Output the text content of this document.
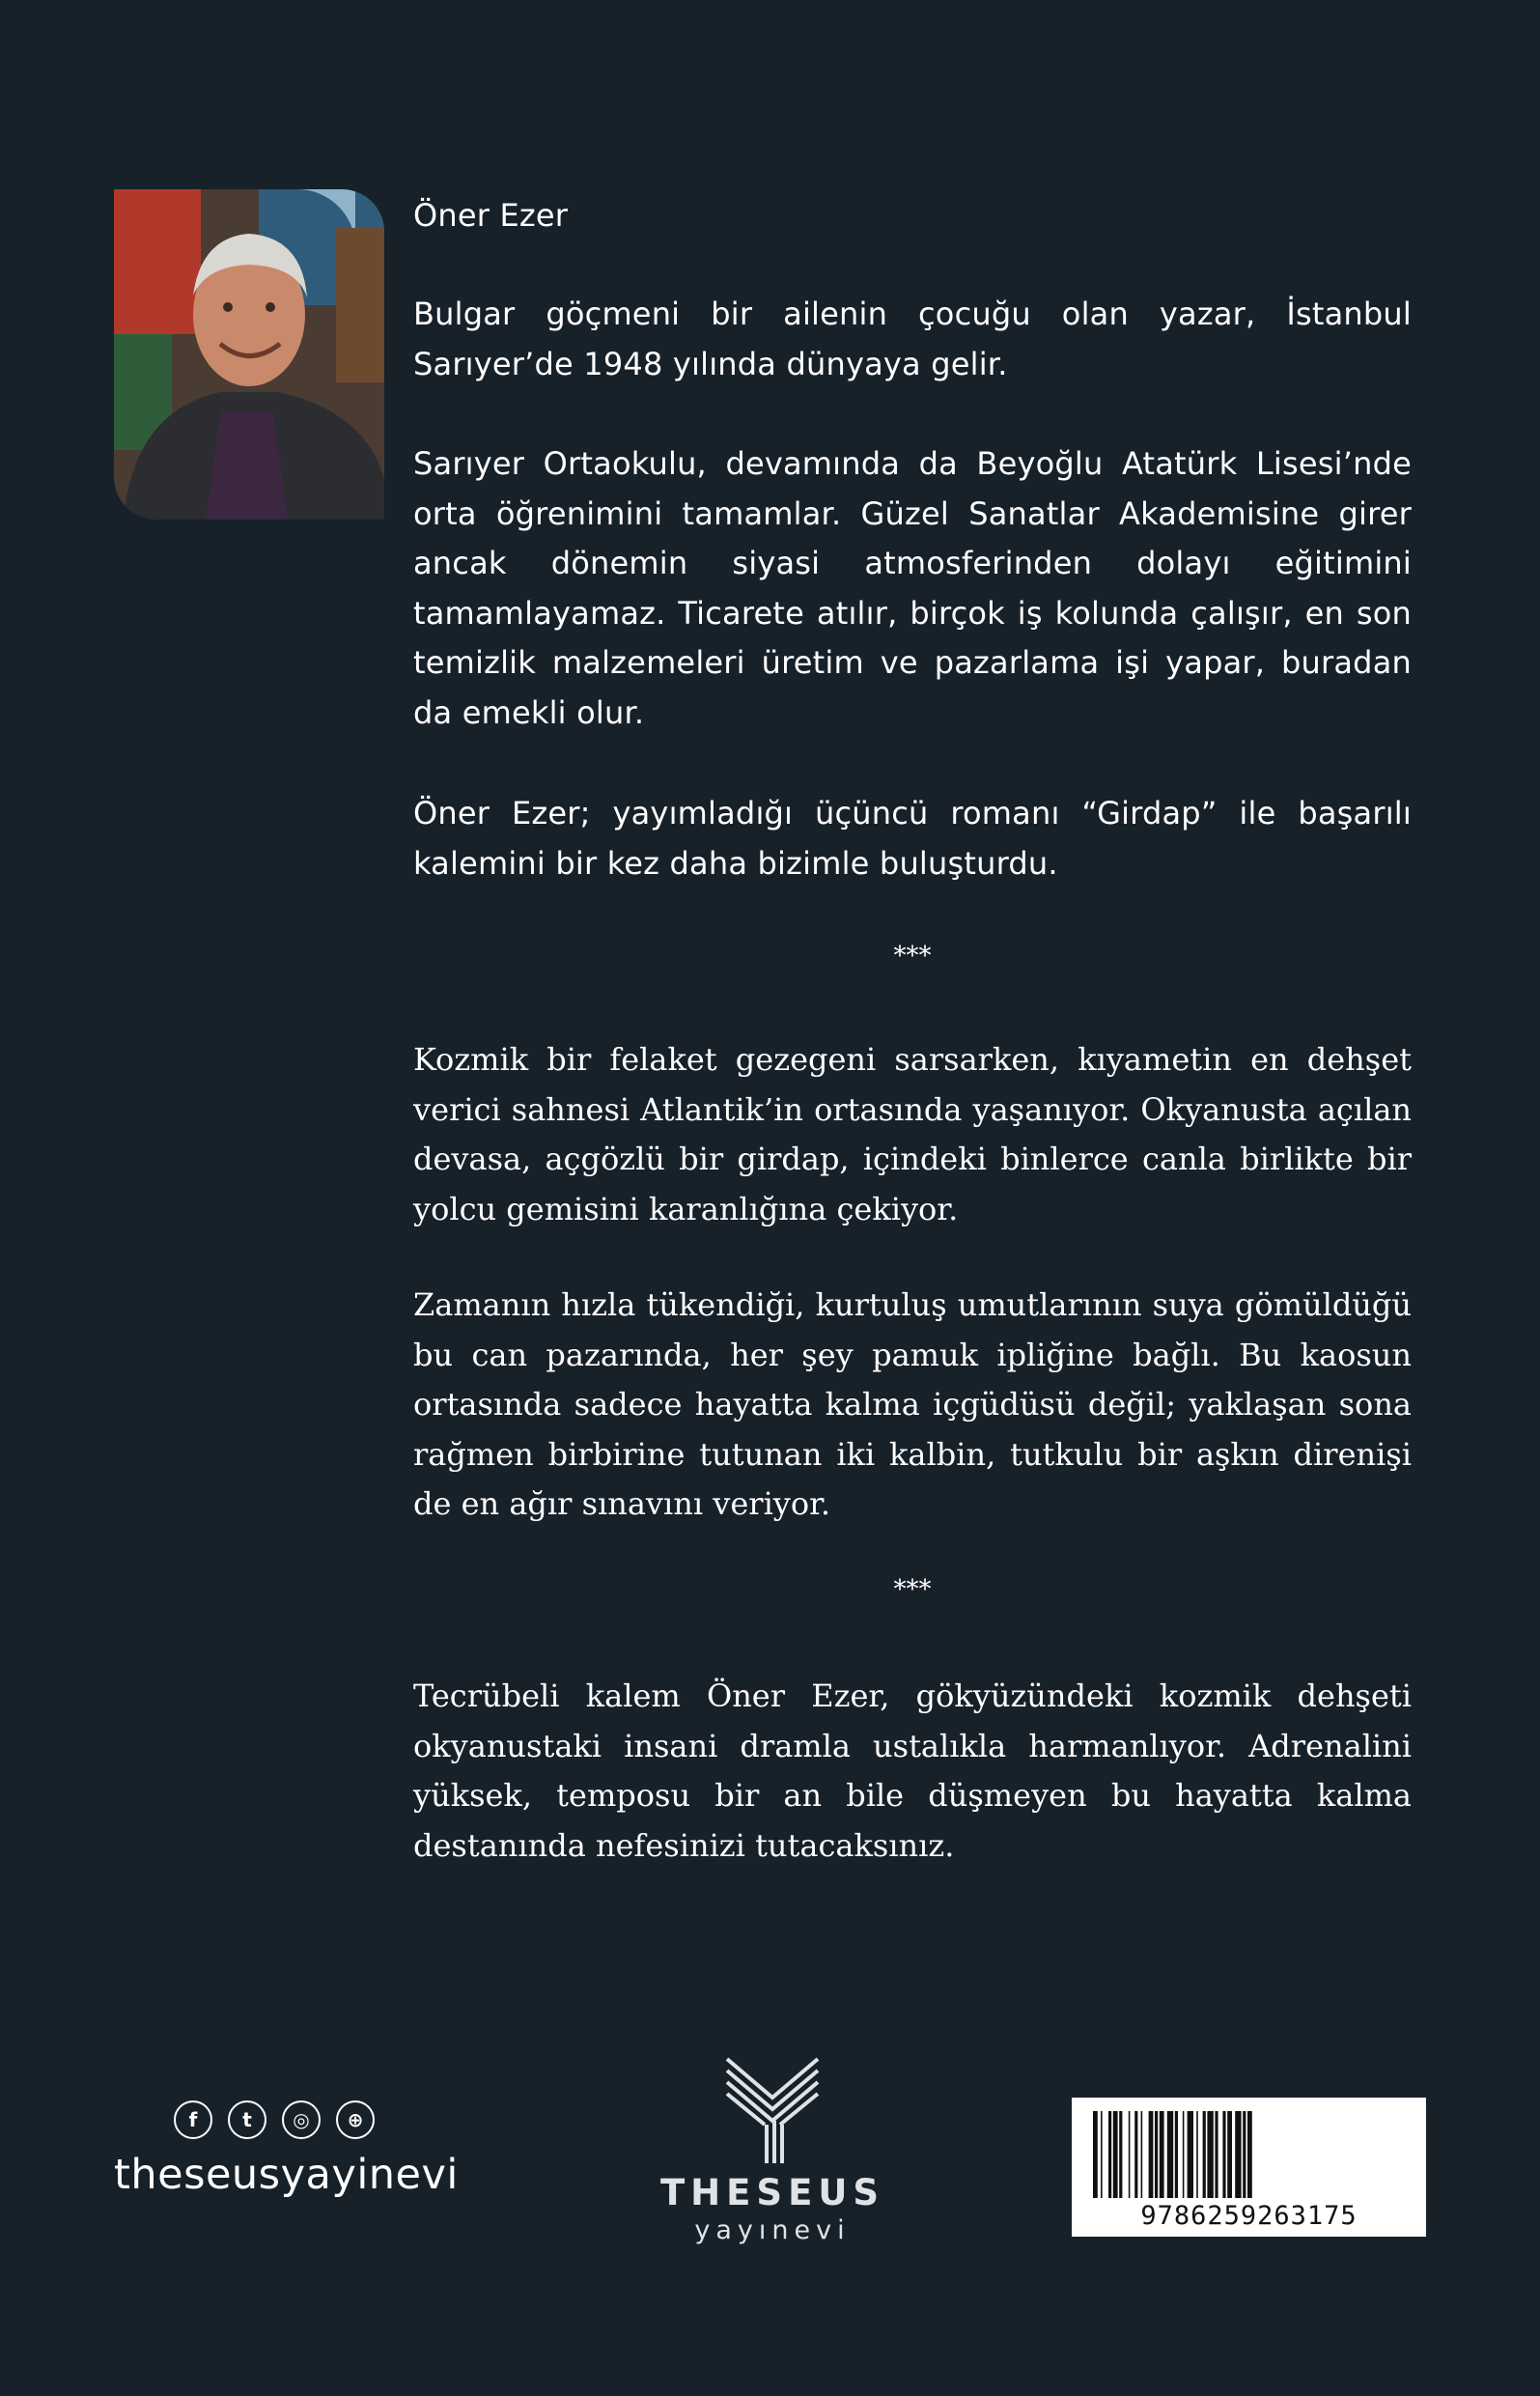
Öner Ezer

Bulgar göçmeni bir ailenin çocuğu olan yazar, İstanbul Sarıyer’de 1948 yılında dünyaya gelir.

Sarıyer Ortaokulu, devamında da Beyoğlu Atatürk Lisesi’nde orta öğrenimini tamamlar. Güzel Sanatlar Akademisine girer ancak dönemin siyasi atmosferinden dolayı eğitimini tamamlayamaz. Ticarete atılır, birçok iş kolunda çalışır, en son temizlik malzemeleri üretim ve pazarlama işi yapar, buradan da emekli olur.

Öner Ezer; yayımladığı üçüncü romanı “Girdap” ile başarılı kalemini bir kez daha bizimle buluşturdu.

***

Kozmik bir felaket gezegeni sarsarken, kıyametin en dehşet verici sahnesi Atlantik’in ortasında yaşanıyor. Okyanusta açılan devasa, açgözlü bir girdap, içindeki binlerce canla birlikte bir yolcu gemisini karanlığına çekiyor.

Zamanın hızla tükendiği, kurtuluş umutlarının suya gömüldüğü bu can pazarında, her şey pamuk ipliğine bağlı. Bu kaosun ortasında sadece hayatta kalma içgüdüsü değil; yaklaşan sona rağmen birbirine tutunan iki kalbin, tutkulu bir aşkın direnişi de en ağır sınavını veriyor.

***

Tecrübeli kalem Öner Ezer, gökyüzündeki kozmik dehşeti okyanustaki insani dramla ustalıkla harmanlıyor. Adrenalini yüksek, temposu bir an bile düşmeyen bu hayatta kalma destanında nefesinizi tutacaksınız.

f	t	◎	⊕
theseusyayinevi	THESEUS
yayınevi	9786259263175
